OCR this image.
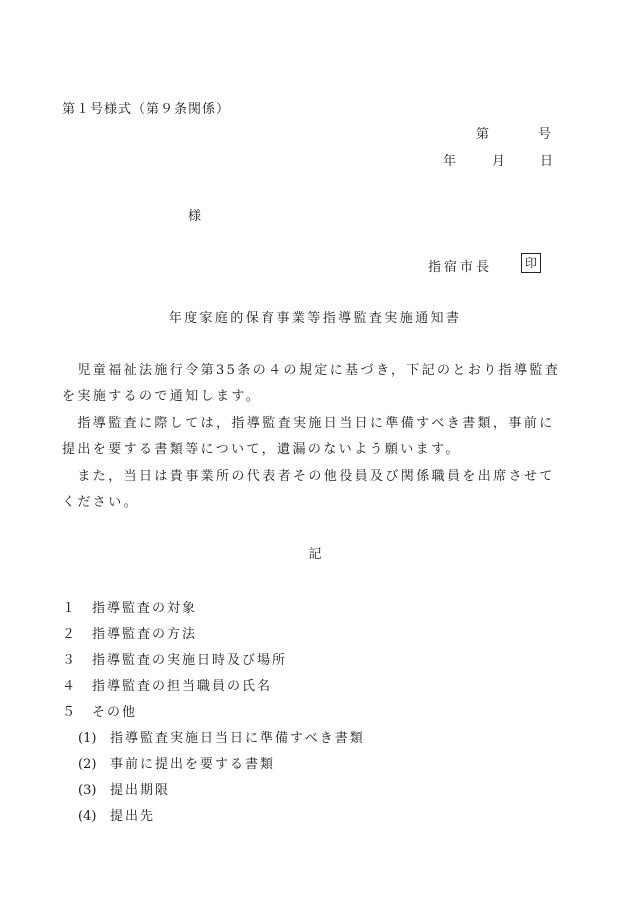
第１号様式（第９条関係）
第	号
年	月	日
様
指宿市長	印
年度家庭的保育事業等指導監査実施通知書
　児童福祉法施行令第35条の４の規定に基づき，下記のとおり指導監査
を実施するので通知します。
　指導監査に際しては，指導監査実施日当日に準備すべき書類，事前に
提出を要する書類等について，遺漏のないよう願います。
　また，当日は貴事業所の代表者その他役員及び関係職員を出席させて
ください。
記
１ 指導監査の対象
２ 指導監査の方法
３ 指導監査の実施日時及び場所
４ 指導監査の担当職員の氏名
５ その他
(1) 指導監査実施日当日に準備すべき書類
(2) 事前に提出を要する書類
(3) 提出期限
(4) 提出先
